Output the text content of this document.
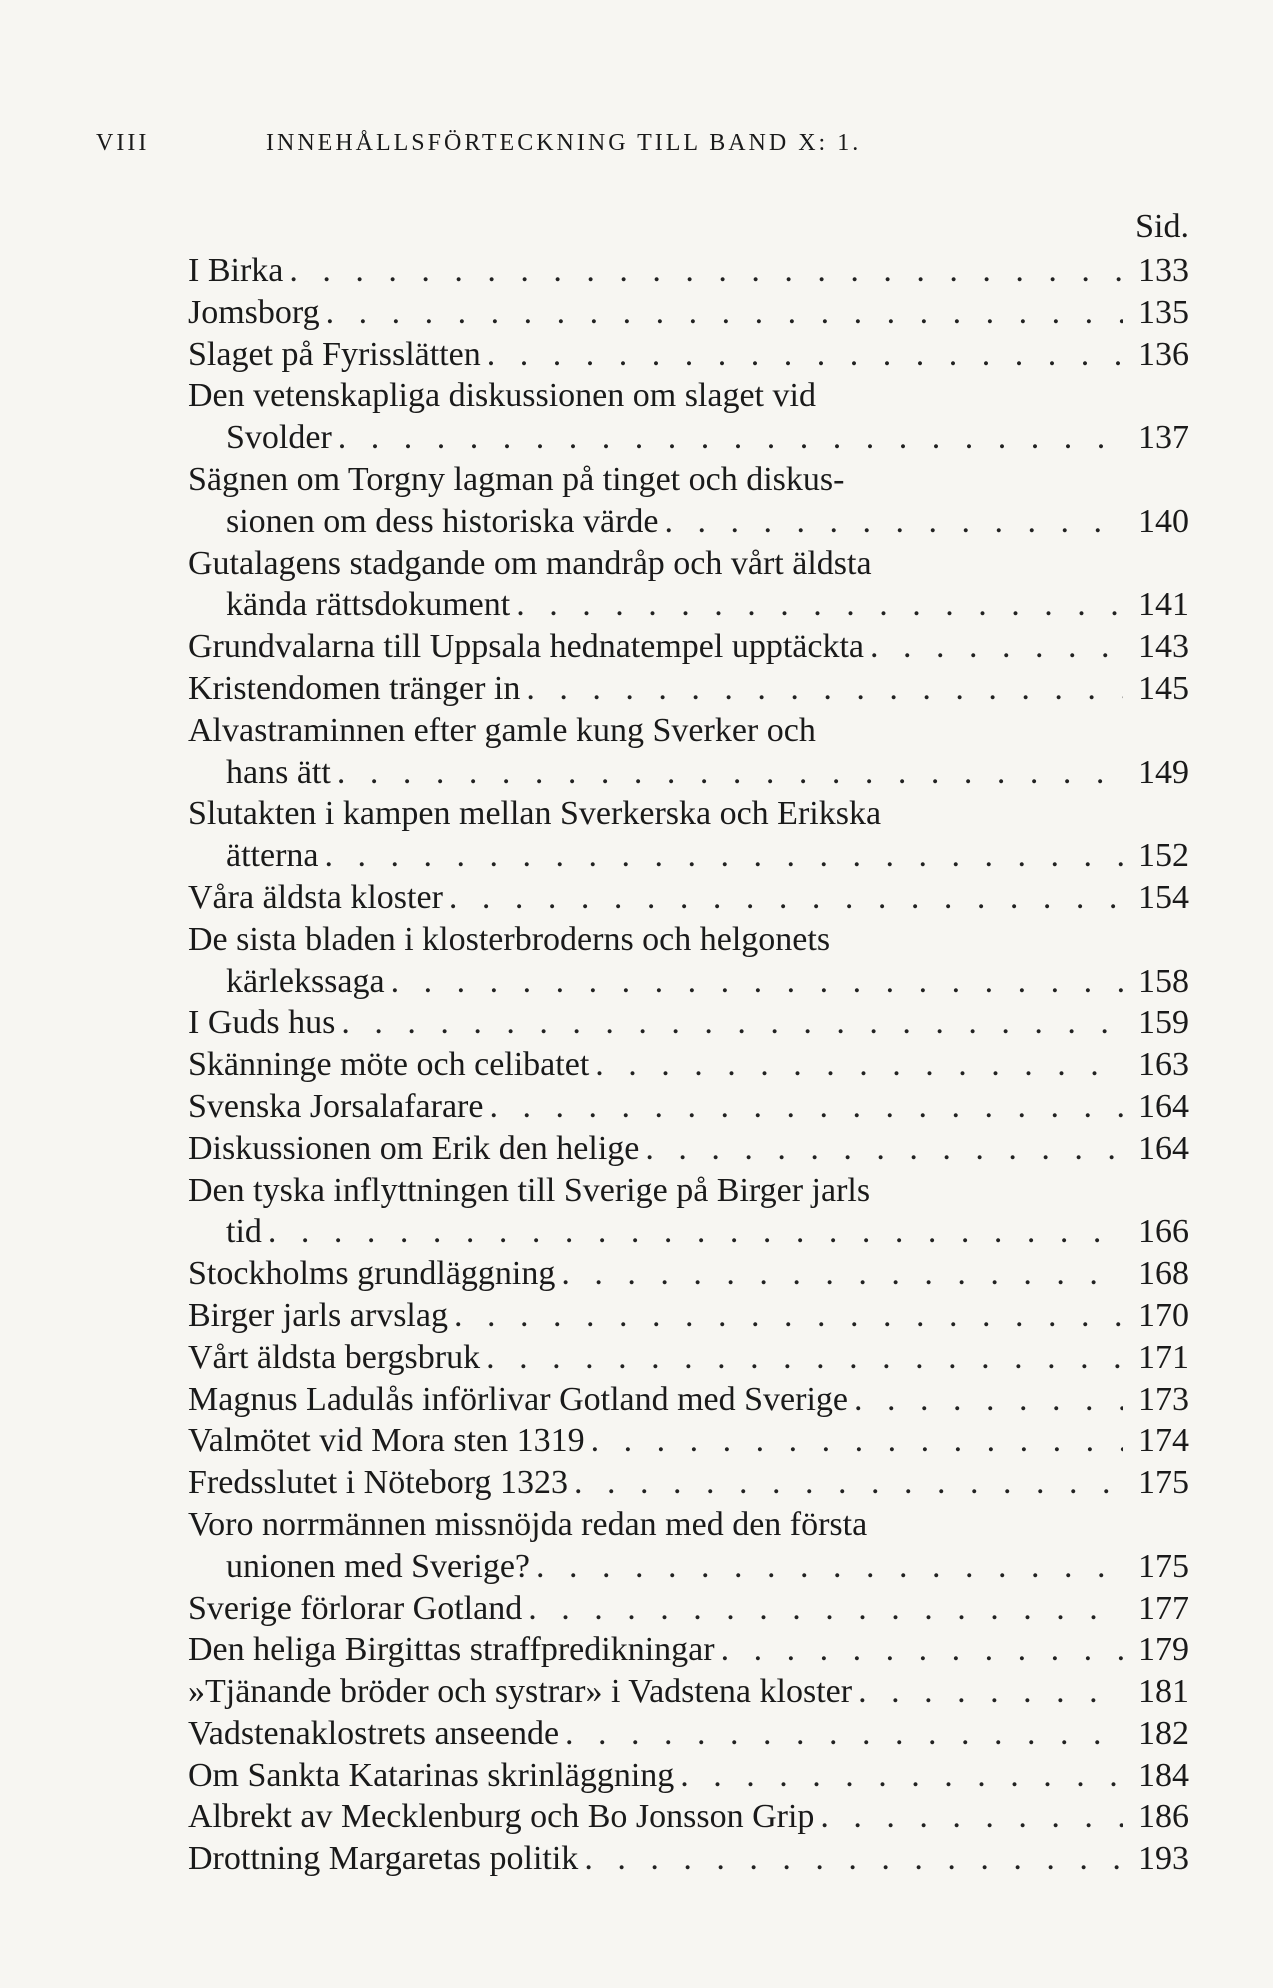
VIII	INNEHÅLLSFÖRTECKNING TILL BAND X: 1.
Sid.
I Birka . . .	133
Jomsborg . . .	135
Slaget på Fyrisslätten . . .	136
Den vetenskapliga diskussionen om slaget vid
Svolder . . .	137
Sägnen om Torgny lagman på tinget och diskus-
sionen om dess historiska värde . . .	140
Gutalagens stadgande om mandråp och vårt äldsta
kända rättsdokument . . .	141
Grundvalarna till Uppsala hednatempel upptäckta . . .	143
Kristendomen tränger in . . .	145
Alvastraminnen efter gamle kung Sverker och
hans ätt . . .	149
Slutakten i kampen mellan Sverkerska och Erikska
ätterna . . .	152
Våra äldsta kloster . . .	154
De sista bladen i klosterbroderns och helgonets
kärlekssaga . . .	158
I Guds hus . . .	159
Skänninge möte och celibatet . . .	163
Svenska Jorsalafarare . . .	164
Diskussionen om Erik den helige . . .	164
Den tyska inflyttningen till Sverige på Birger jarls
tid . . .	166
Stockholms grundläggning . . .	168
Birger jarls arvslag . . .	170
Vårt äldsta bergsbruk . . .	171
Magnus Ladulås införlivar Gotland med Sverige . . .	173
Valmötet vid Mora sten 1319 . . .	174
Fredsslutet i Nöteborg 1323 . . .	175
Voro norrmännen missnöjda redan med den första
unionen med Sverige? . . .	175
Sverige förlorar Gotland . . .	177
Den heliga Birgittas straffpredikningar . . .	179
»Tjänande bröder och systrar» i Vadstena kloster . . .	181
Vadstenaklostrets anseende . . .	182
Om Sankta Katarinas skrinläggning . . .	184
Albrekt av Mecklenburg och Bo Jonsson Grip . . .	186
Drottning Margaretas politik . . .	193
